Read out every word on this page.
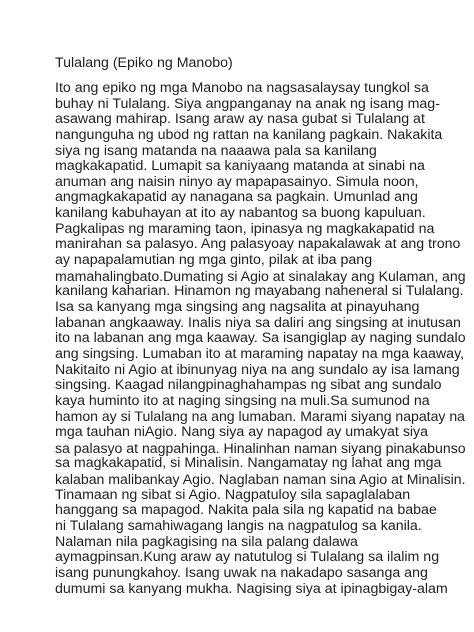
Tulalang (Epiko ng Manobo)
Ito ang epiko ng mga Manobo na nagsasalaysay tungkol sa
buhay ni Tulalang. Siya angpanganay na anak ng isang mag-
asawang mahirap. Isang araw ay nasa gubat si Tulalang at
nangunguha ng ubod ng rattan na kanilang pagkain. Nakakita
siya ng isang matanda na naaawa pala sa kanilang
magkakapatid. Lumapit sa kaniyaang matanda at sinabi na
anuman ang naisin ninyo ay mapapasainyo. Simula noon,
angmagkakapatid ay nanagana sa pagkain. Umunlad ang
kanilang kabuhayan at ito ay nabantog sa buong kapuluan.
Pagkalipas ng maraming taon, ipinasya ng magkakapatid na
manirahan sa palasyo. Ang palasyoay napakalawak at ang trono
ay napapalamutian ng mga ginto, pilak at iba pang
mamahalingbato.Dumating si Agio at sinalakay ang Kulaman, ang
kanilang kaharian. Hinamon ng mayabang naheneral si Tulalang.
Isa sa kanyang mga singsing ang nagsalita at pinayuhang
labanan angkaaway. Inalis niya sa daliri ang singsing at inutusan
ito na labanan ang mga kaaway. Sa isangiglap ay naging sundalo
ang singsing. Lumaban ito at maraming napatay na mga kaaway,
Nakitaito ni Agio at ibinunyag niya na ang sundalo ay isa lamang
singsing. Kaagad nilangpinaghahampas ng sibat ang sundalo
kaya huminto ito at naging singsing na muli.Sa sumunod na
hamon ay si Tulalang na ang lumaban. Marami siyang napatay na
mga tauhan niAgio. Nang siya ay napagod ay umakyat siya
sa palasyo at nagpahinga. Hinalinhan naman siyang pinakabunso
sa magkakapatid, si Minalisin. Nangamatay ng lahat ang mga
kalaban malibankay Agio. Naglaban naman sina Agio at Minalisin.
Tinamaan ng sibat si Agio. Nagpatuloy sila sapaglalaban
hanggang sa mapagod. Nakita pala sila ng kapatid na babae
ni Tulalang samahiwagang langis na nagpatulog sa kanila.
Nalaman nila pagkagising na sila palang dalawa
aymagpinsan.Kung araw ay natutulog si Tulalang sa ilalim ng
isang punungkahoy. Isang uwak na nakadapo sasanga ang
dumumi sa kanyang mukha. Nagising siya at ipinagbigay-alam
